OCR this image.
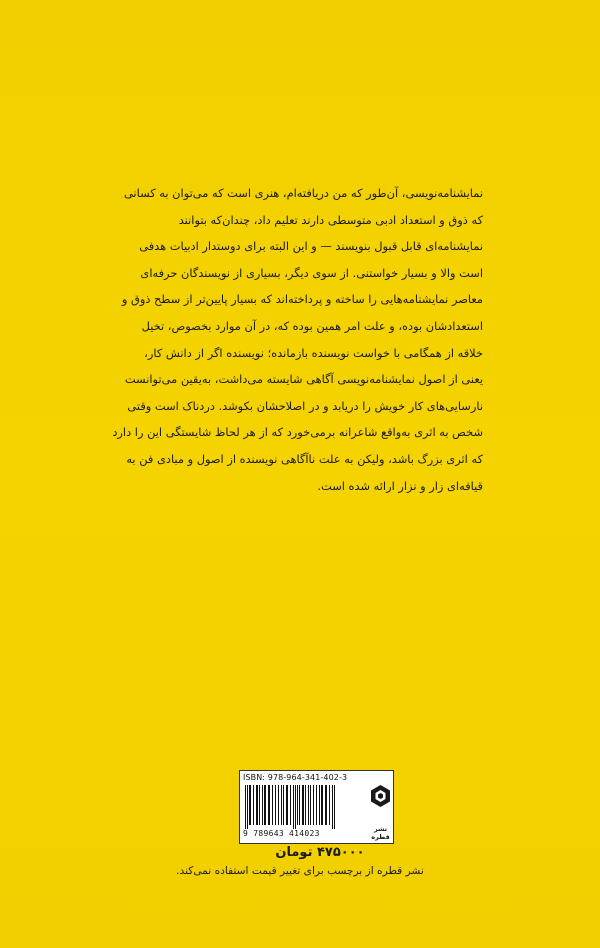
نمایشنامه‌نویسی، آن‌طور که من دریافته‌ام، هنری است که می‌توان به کسانی
که ذوق و استعداد ادبی متوسطی دارند تعلیم داد، چندان‌که بتوانند
نمایشنامه‌ای قابل قبول بنویسند — و این البته برای دوستدار ادبیات هدفی
است والا و بسیار خواستنی. از سوی دیگر، بسیاری از نویسندگان حرفه‌ای
معاصر نمایشنامه‌هایی را ساخته و پرداخته‌اند که بسیار پایین‌تر از سطح ذوق و
استعدادشان بوده، و علت امر همین بوده که، در آن موارد بخصوص، تخیل
خلاقه از همگامی با خواست نویسنده بازمانده؛ نویسنده اگر از دانش کار،
یعنی از اصول نمایشنامه‌نویسی آگاهی شایسته می‌داشت، به‌یقین می‌توانست
نارسایی‌های کار خویش را دریابد و در اصلاحشان بکوشد. دردناک است وقتی
شخص به اثری به‌واقع شاعرانه برمی‌خورد که از هر لحاظ شایستگی این را دارد
که اثری بزرگ باشد، ولیکن به علت ناآگاهی نویسنده از اصول و مبادی فن به
قیافه‌ای زار و نزار ارائه شده است.
ISBN: 978-964-341-402-3
9 789643 414023	نشر قطره
۴۷۵۰۰۰ تومان
نشر قطره از برچسب برای تغییر قیمت استفاده نمی‌کند.
